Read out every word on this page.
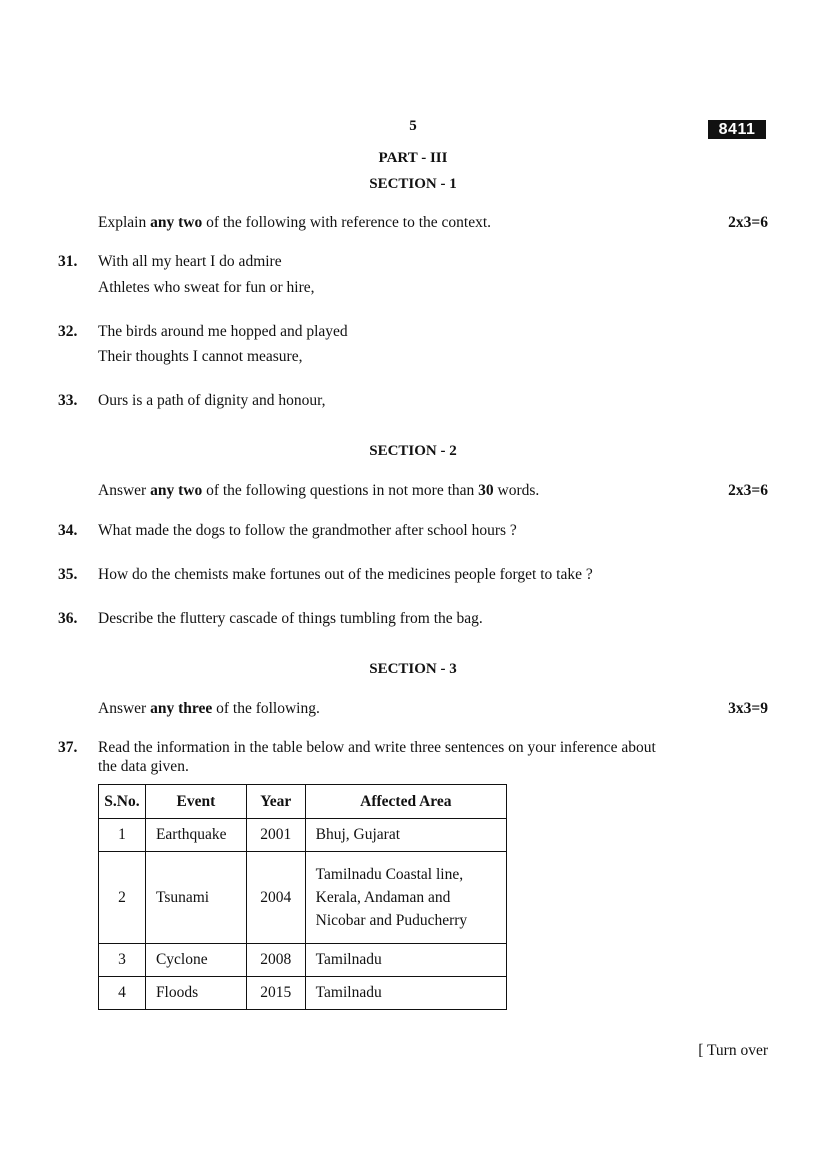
5	8411
PART - III
SECTION - 1
Explain any two of the following with reference to the context.	2x3=6
31. With all my heart I do admire
Athletes who sweat for fun or hire,
32. The birds around me hopped and played
Their thoughts I cannot measure,
33. Ours is a path of dignity and honour,
SECTION - 2
Answer any two of the following questions in not more than 30 words.	2x3=6
34. What made the dogs to follow the grandmother after school hours ?
35. How do the chemists make fortunes out of the medicines people forget to take ?
36. Describe the fluttery cascade of things tumbling from the bag.
SECTION - 3
Answer any three of the following.	3x3=9
37. Read the information in the table below and write three sentences on your inference about
the data given.
S.No.	Event	Year	Affected Area
1	Earthquake	2001	Bhuj, Gujarat
2	Tsunami	2004	Tamilnadu Coastal line,
Kerala, Andaman and
Nicobar and Puducherry

3	Cyclone	2008	Tamilnadu
4	Floods	2015	Tamilnadu
[ Turn over
